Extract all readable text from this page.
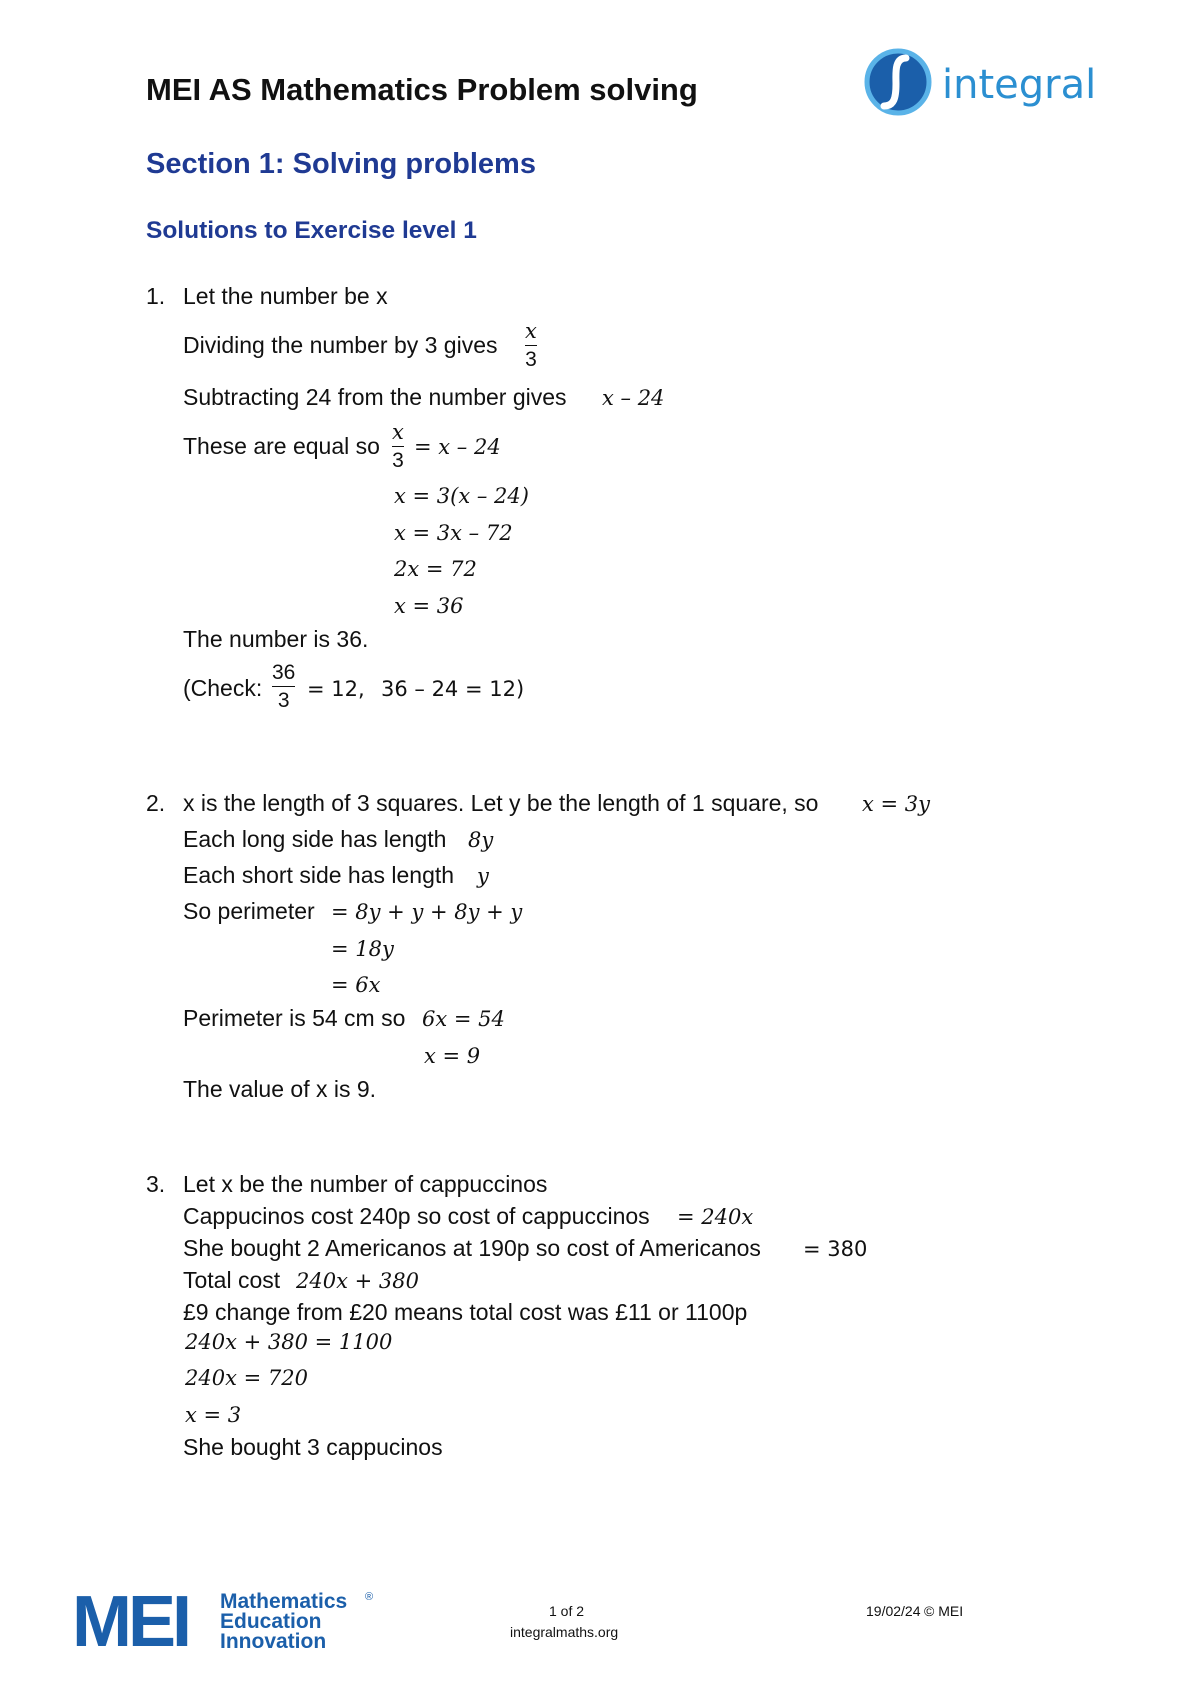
MEI AS Mathematics Problem solving	integral
Section 1: Solving problems
Solutions to Exercise level 1
1. Let the number be x
Dividing the number by 3 gives
x
3
Subtracting 24 from the number gives x – 24
These are equal so
x
3
= x – 24
x = 3(x – 24)
x = 3x – 72
2x = 72
x = 36
The number is 36.
(Check:
36
3 = 12, 36 – 24 = 12)
2. x is the length of 3 squares. Let y be the length of 1 square, so x = 3y
Each long side has length 8y
Each short side has length y
So perimeter = 8y + y + 8y + y
= 18y
= 6x
Perimeter is 54 cm so 6x = 54
x = 9
The value of x is 9.
3. Let x be the number of cappuccinos
Cappucinos cost 240p so cost of cappuccinos = 240x
She bought 2 Americanos at 190p so cost of Americanos = 380
Total cost 240x + 380
£9 change from £20 means total cost was £11 or 1100p
240x + 380 = 1100
240x = 720
x = 3
She bought 3 cappucinos
MEI Mathematics ®
Education
Innovation
1 of 2
integralmaths.org
19/02/24 © MEI
